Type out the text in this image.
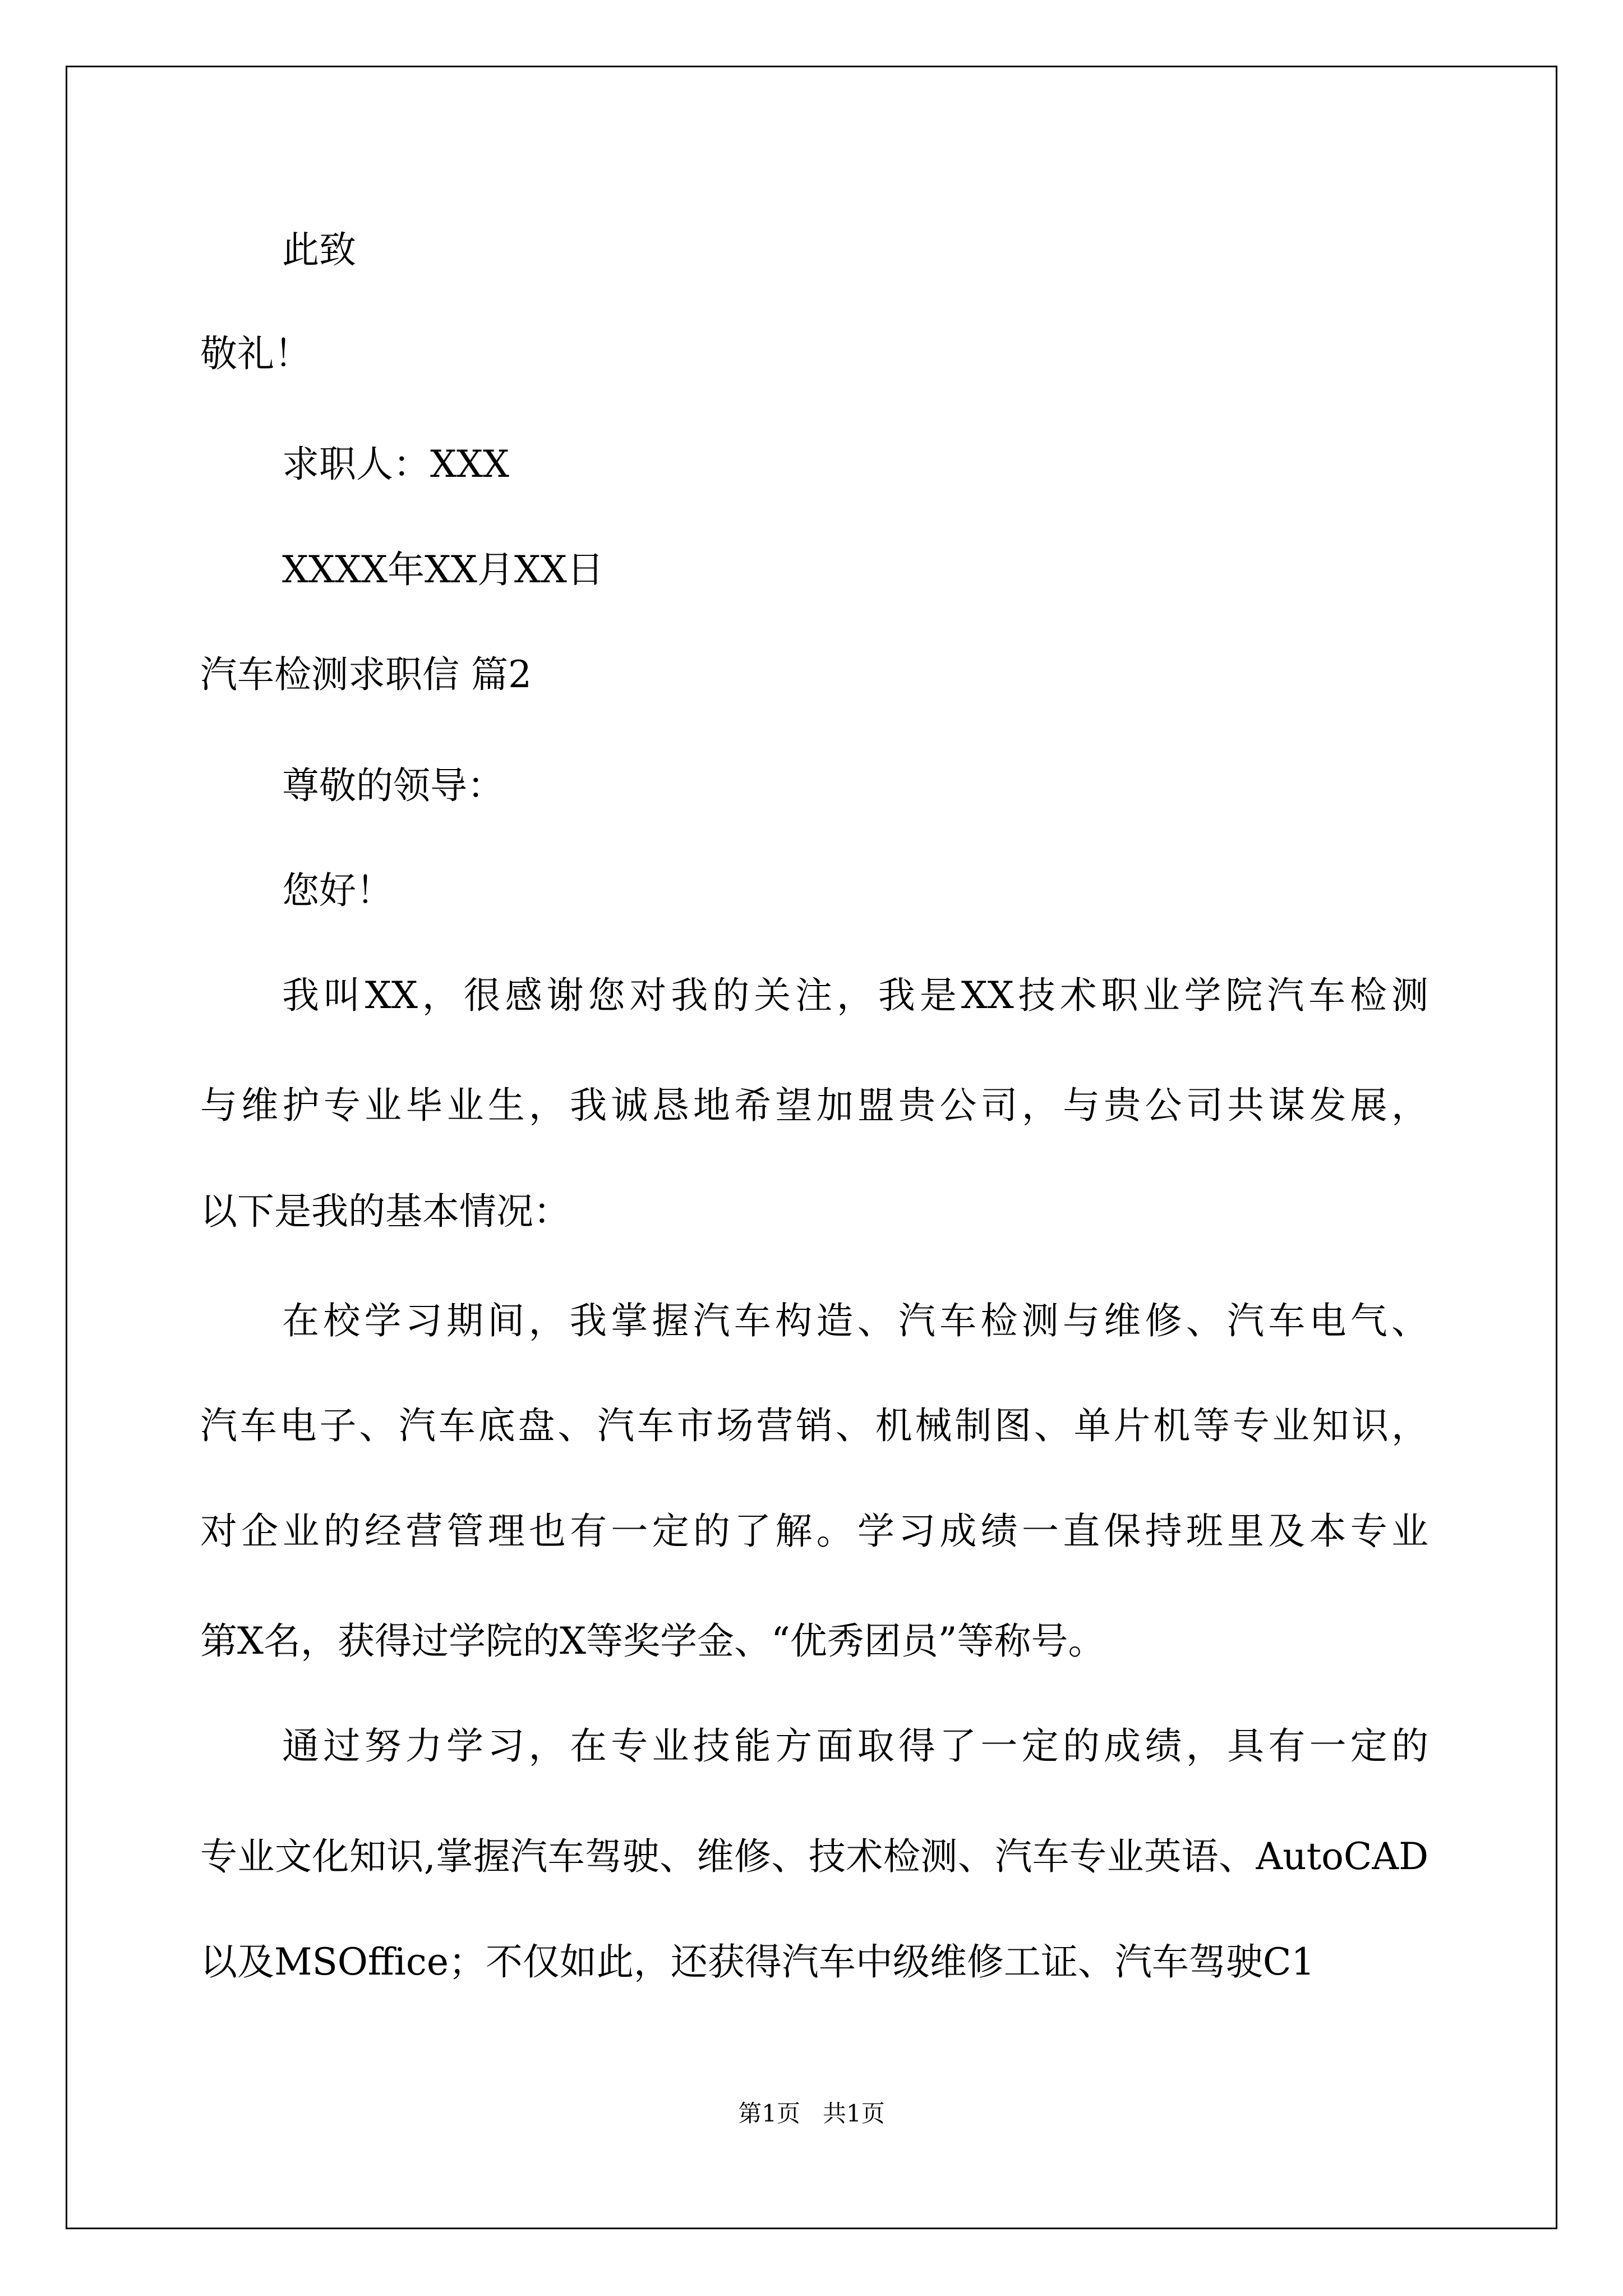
此致
敬礼！
求职人：XXX
XXXX年XX月XX日
汽车检测求职信 篇2
尊敬的领导：
您好！
我叫XX，很感谢您对我的关注，我是XX技术职业学院汽车检测
与维护专业毕业生，我诚恳地希望加盟贵公司，与贵公司共谋发展，
以下是我的基本情况：
在校学习期间，我掌握汽车构造、汽车检测与维修、汽车电气、
汽车电子、汽车底盘、汽车市场营销、机械制图、单片机等专业知识，
对企业的经营管理也有一定的了解。学习成绩一直保持班里及本专业
第X名，获得过学院的X等奖学金、“优秀团员”等称号。
通过努力学习，在专业技能方面取得了一定的成绩，具有一定的
专业文化知识,掌握汽车驾驶、维修、技术检测、汽车专业英语、AutoCAD
以及MSOffice；不仅如此，还获得汽车中级维修工证、汽车驾驶C1
第1页   共1页
